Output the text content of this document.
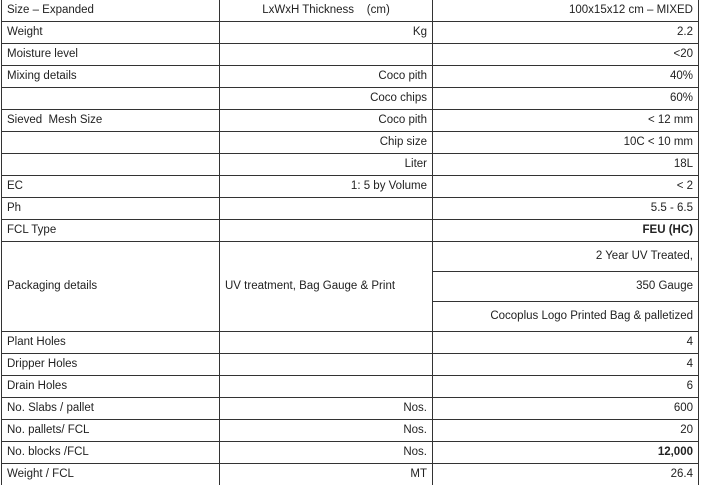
Size – Expanded	LxWxH Thickness    (cm)	100x15x12 cm – MIXED
Weight	Kg	2.2
Moisture level		<20
Mixing details	Coco pith	40%
	Coco chips	60%
Sieved  Mesh Size	Coco pith	< 12 mm
	Chip size	10C < 10 mm
	Liter	18L
EC	1: 5 by Volume	< 2
Ph		5.5 - 6.5
FCL Type		FEU (HC)
Packaging details	UV treatment, Bag Gauge & Print	2 Year UV Treated,
		350 Gauge
		Cocoplus Logo Printed Bag & palletized
Plant Holes		4
Dripper Holes		4
Drain Holes		6
No. Slabs / pallet	Nos.	600
No. pallets/ FCL	Nos.	20
No. blocks /FCL	Nos.	12,000
Weight / FCL	MT	26.4
